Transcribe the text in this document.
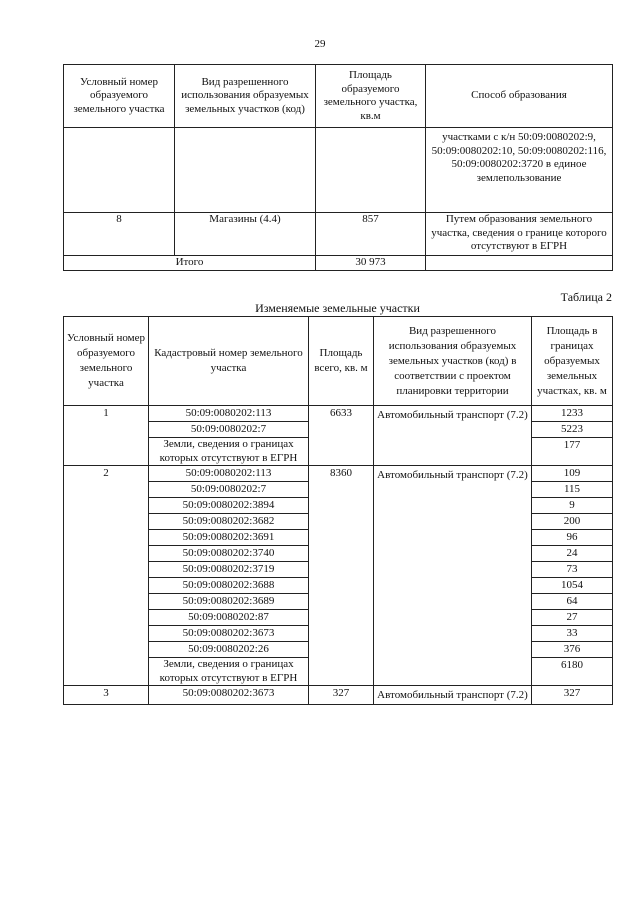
29
Условный номер образуемого земельного участка	Вид разрешенного использования образуемых земельных участков (код)	Площадь образуемого земельного участка, кв.м	Способ образования
			участками с к/н 50:09:0080202:9, 50:09:0080202:10, 50:09:0080202:116, 50:09:0080202:3720 в единое землепользование
8	Магазины (4.4)	857	Путем образования земельного участка, сведения о границе которого отсутствуют в ЕГРН
Итого		30 973	
Таблица 2
Изменяемые земельные участки
Условный номер образуемого земельного участка	Кадастровый номер земельного участка	Площадь всего, кв. м	Вид разрешенного использования образуемых земельных участков (код) в соответствии с проектом планировки территории	Площадь в границах образуемых земельных участках, кв. м
1	50:09:0080202:113	6633	Автомобильный транспорт (7.2)	1233
	50:09:0080202:7			5223
	Земли, сведения о границах которых отсутствуют в ЕГРН			177
2	50:09:0080202:113	8360	Автомобильный транспорт (7.2)	109
	50:09:0080202:7			115
	50:09:0080202:3894			9
	50:09:0080202:3682			200
	50:09:0080202:3691			96
	50:09:0080202:3740			24
	50:09:0080202:3719			73
	50:09:0080202:3688			1054
	50:09:0080202:3689			64
	50:09:0080202:87			27
	50:09:0080202:3673			33
	50:09:0080202:26			376
	Земли, сведения о границах которых отсутствуют в ЕГРН			6180
3	50:09:0080202:3673	327	Автомобильный транспорт (7.2)	327
